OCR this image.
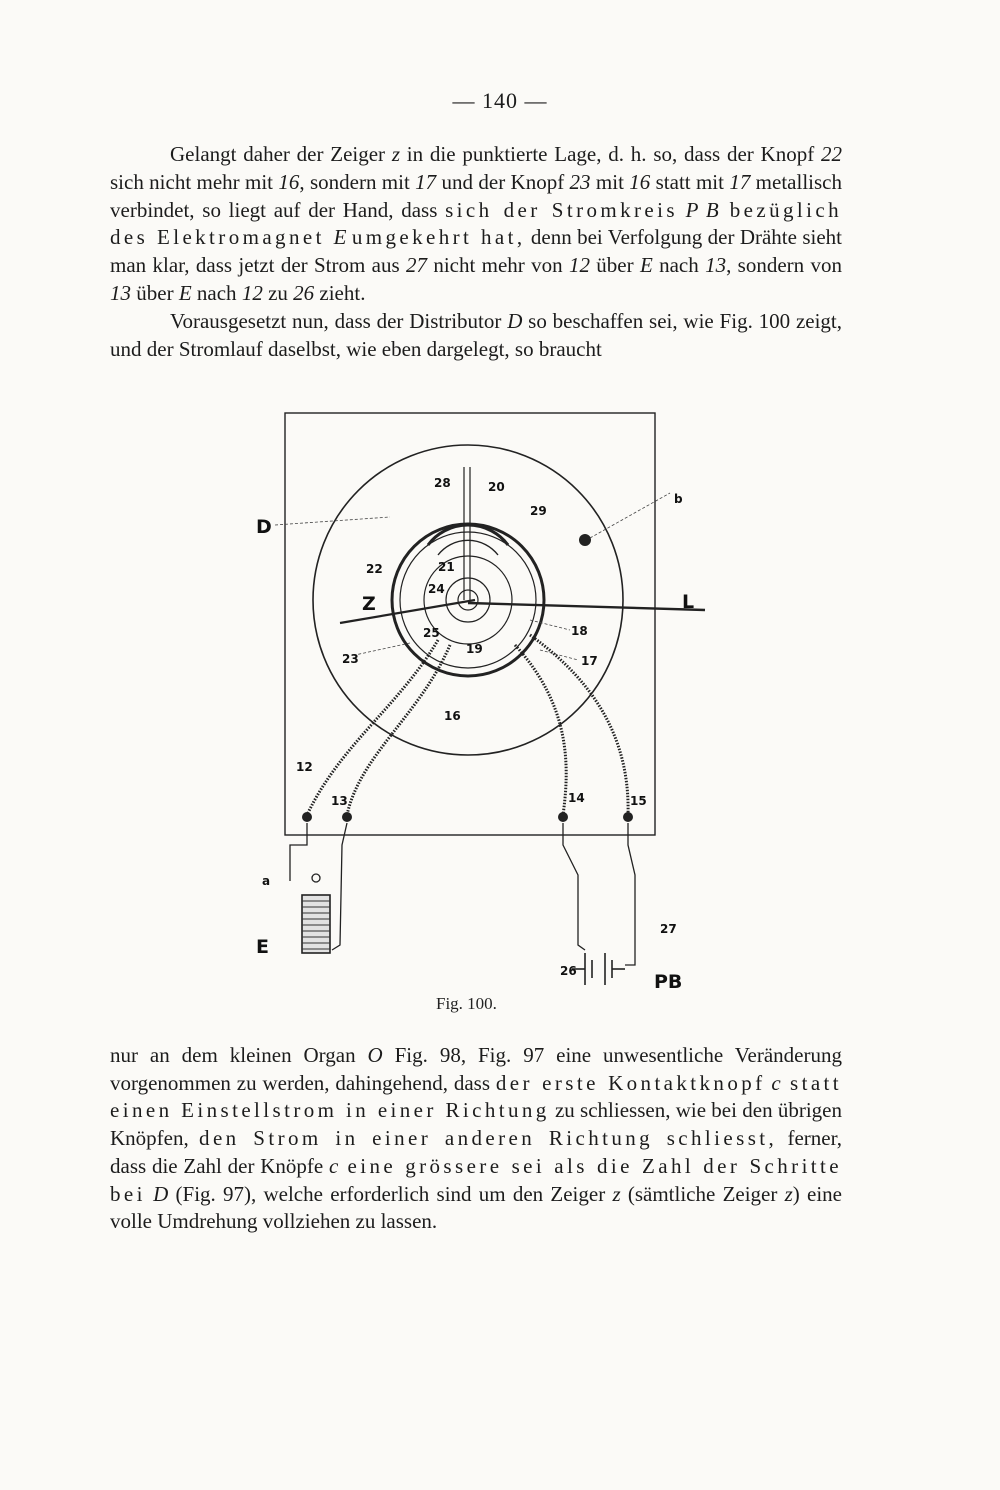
— 140 —

Gelangt daher der Zeiger z in die punktierte Lage, d. h. so, dass der Knopf 22 sich nicht mehr mit 16, sondern mit 17 und der Knopf 23 mit 16 statt mit 17 metallisch verbindet, so liegt auf der Hand, dass sich der Stromkreis P B bezüglich des Elektromagnet E umgekehrt hat, denn bei Verfolgung der Drähte sieht man klar, dass jetzt der Strom aus 27 nicht mehr von 12 über E nach 13, sondern von 13 über E nach 12 zu 26 zieht.

Vorausgesetzt nun, dass der Distributor D so beschaffen sei, wie Fig. 100 zeigt, und der Stromlauf daselbst, wie eben dargelegt, so braucht

D
b
L
Z
28	20
29
22	21
24
25
19
18
17
23
16
12
13	14	15
a
E
27
26	PB
Fig. 100.

nur an dem kleinen Organ O Fig. 98, Fig. 97 eine unwesentliche Veränderung vorgenommen zu werden, dahingehend, dass der erste Kontaktknopf c statt einen Einstellstrom in einer Richtung zu schliessen, wie bei den übrigen Knöpfen, den Strom in einer anderen Richtung schliesst, ferner, dass die Zahl der Knöpfe c eine grössere sei als die Zahl der Schritte bei D (Fig. 97), welche erforderlich sind um den Zeiger z (sämtliche Zeiger z) eine volle Umdrehung vollziehen zu lassen.
